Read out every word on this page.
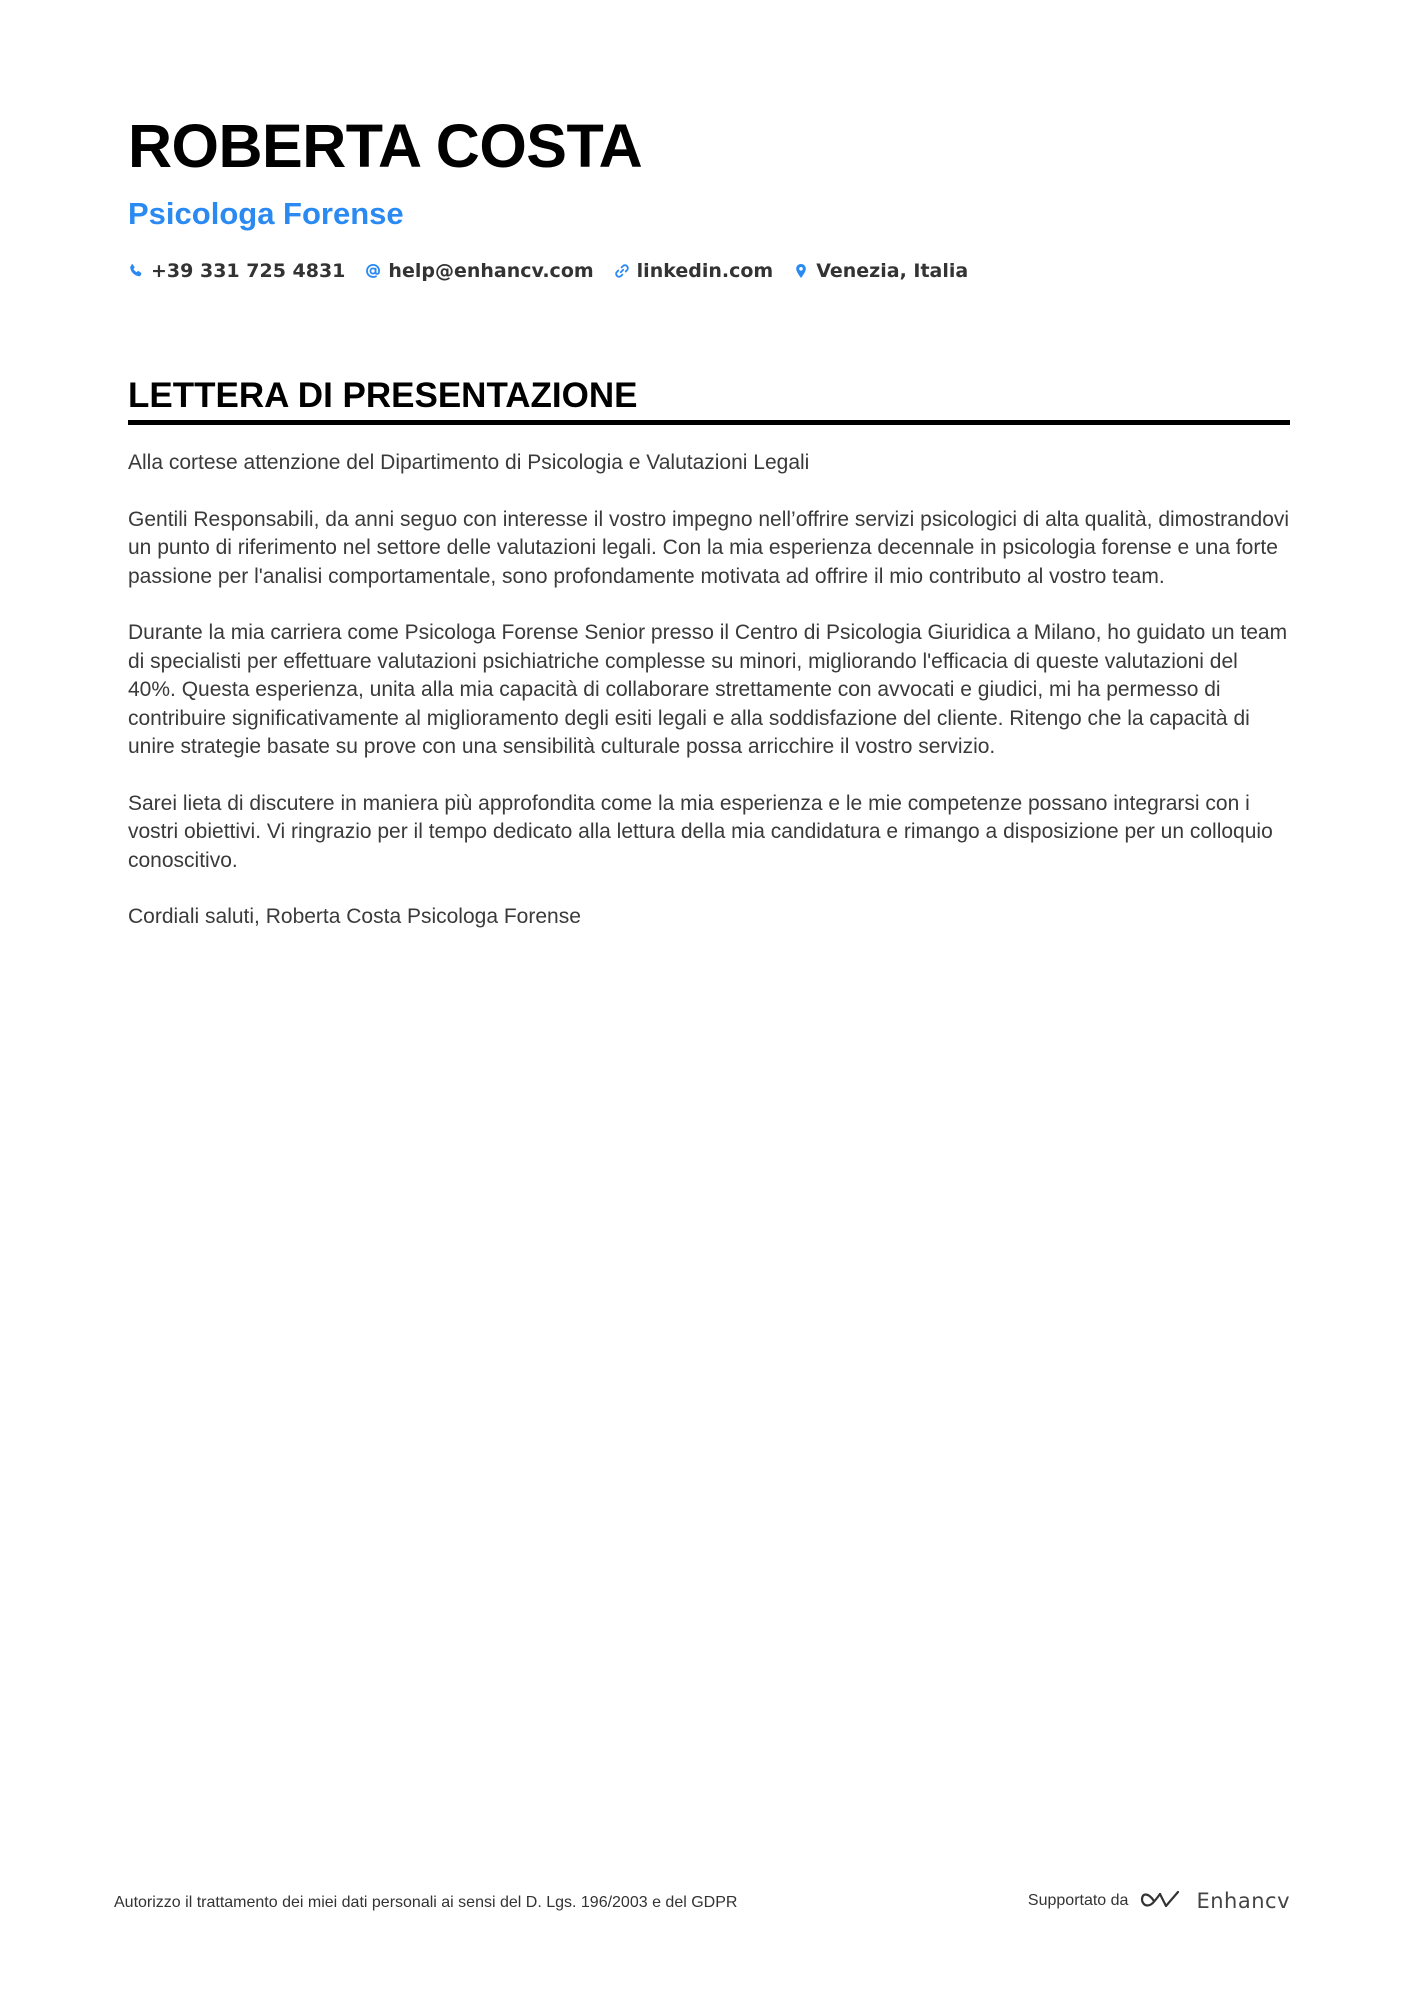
ROBERTA COSTA
Psicologa Forense
+39 331 725 4831 help@enhancv.com linkedin.com Venezia, Italia
LETTERA DI PRESENTAZIONE

Alla cortese attenzione del Dipartimento di Psicologia e Valutazioni Legali

Gentili Responsabili, da anni seguo con interesse il vostro impegno nell’offrire servizi psicologici di alta qualità, dimostrandovi un punto di riferimento nel settore delle valutazioni legali. Con la mia esperienza decennale in psicologia forense e una forte passione per l'analisi comportamentale, sono profondamente motivata ad offrire il mio contributo al vostro team.

Durante la mia carriera come Psicologa Forense Senior presso il Centro di Psicologia Giuridica a Milano, ho guidato un team di specialisti per effettuare valutazioni psichiatriche complesse su minori, migliorando l'efficacia di queste valutazioni del 40%. Questa esperienza, unita alla mia capacità di collaborare strettamente con avvocati e giudici, mi ha permesso di contribuire significativamente al miglioramento degli esiti legali e alla soddisfazione del cliente. Ritengo che la capacità di unire strategie basate su prove con una sensibilità culturale possa arricchire il vostro servizio.

Sarei lieta di discutere in maniera più approfondita come la mia esperienza e le mie competenze possano integrarsi con i vostri obiettivi. Vi ringrazio per il tempo dedicato alla lettura della mia candidatura e rimango a disposizione per un colloquio conoscitivo.

Cordiali saluti, Roberta Costa Psicologa Forense

Autorizzo il trattamento dei miei dati personali ai sensi del D. Lgs. 196/2003 e del GDPR	Supportato da	Enhancv
